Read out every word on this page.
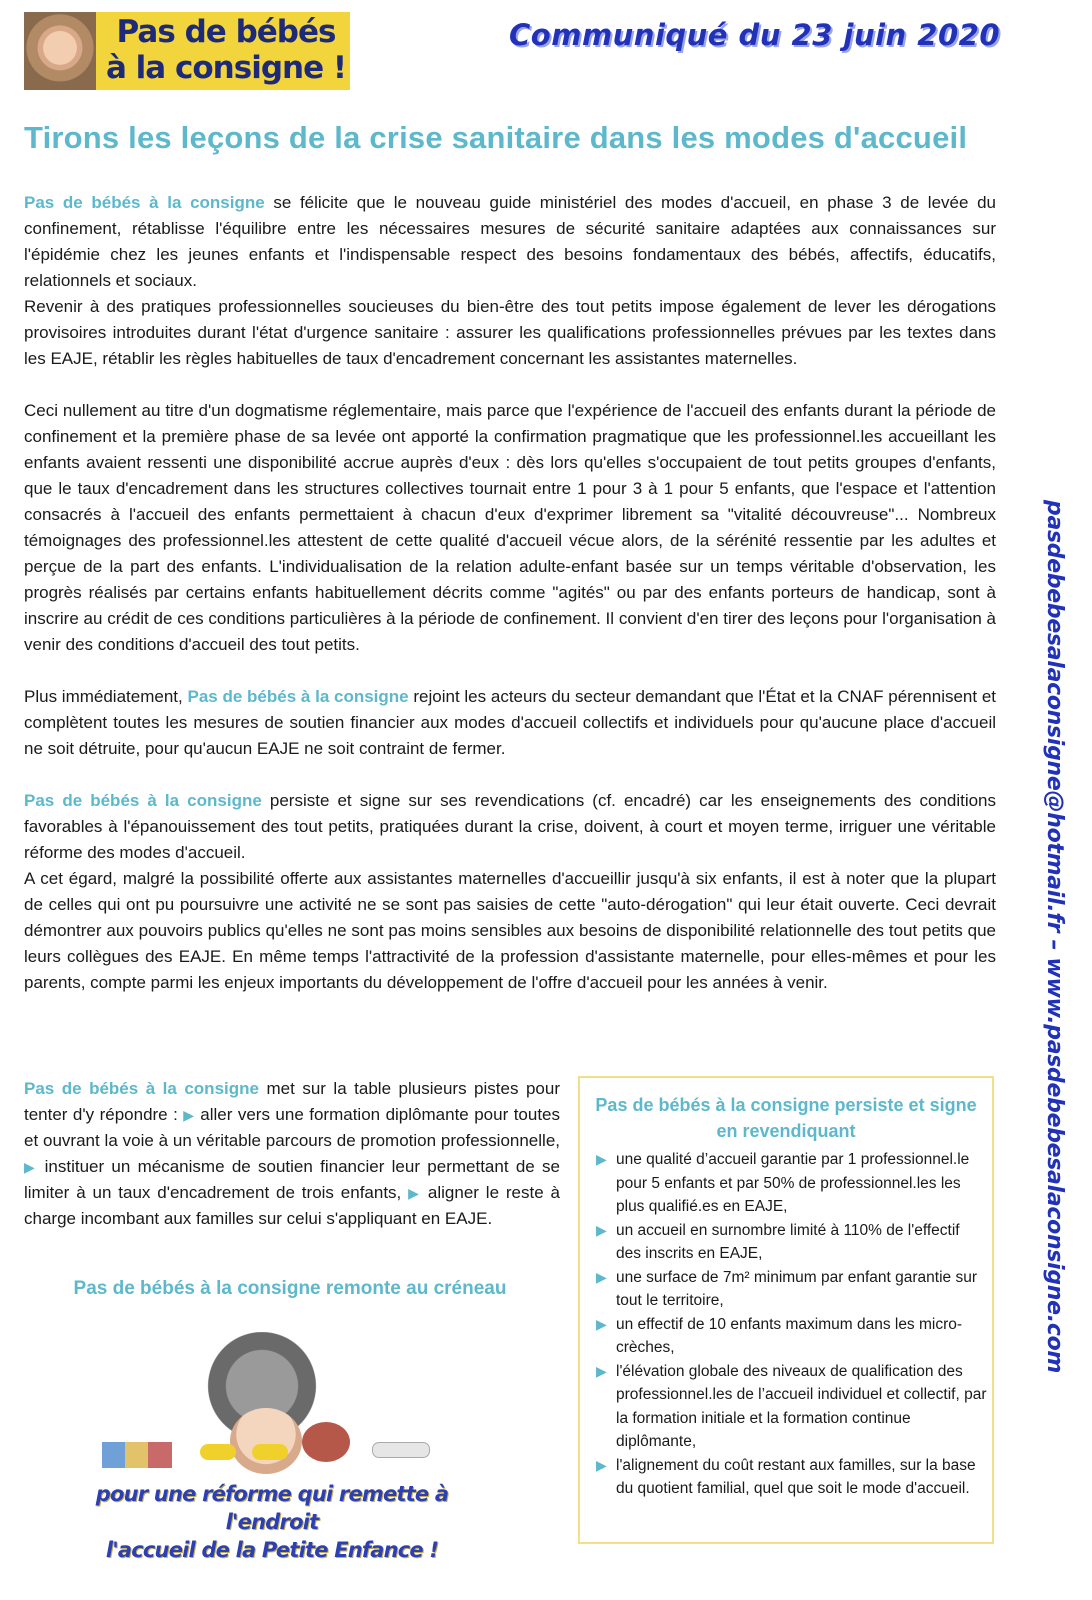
Pas de bébés
à la consigne !
Communiqué du 23 juin 2020
Tirons les leçons de la crise sanitaire dans les modes d'accueil

Pas de bébés à la consigne se félicite que le nouveau guide ministériel des modes d'accueil, en phase 3 de levée du confinement, rétablisse l'équilibre entre les nécessaires mesures de sécurité sanitaire adaptées aux connaissances sur l'épidémie chez les jeunes enfants et l'indispensable respect des besoins fondamentaux des bébés, affectifs, éducatifs, relationnels et sociaux.

Revenir à des pratiques professionnelles soucieuses du bien-être des tout petits impose également de lever les dérogations provisoires introduites durant l'état d'urgence sanitaire : assurer les qualifications professionnelles prévues par les textes dans les EAJE, rétablir les règles habituelles de taux d'encadrement concernant les assistantes maternelles.

Ceci nullement au titre d'un dogmatisme réglementaire, mais parce que l'expérience de l'accueil des enfants durant la période de confinement et la première phase de sa levée ont apporté la confirmation pragmatique que les professionnel.les accueillant les enfants avaient ressenti une disponibilité accrue auprès d'eux : dès lors qu'elles s'occupaient de tout petits groupes d'enfants, que le taux d'encadrement dans les structures collectives tournait entre 1 pour 3 à 1 pour 5 enfants, que l'espace et l'attention consacrés à l'accueil des enfants permettaient à chacun d'eux d'exprimer librement sa "vitalité découvreuse"... Nombreux témoignages des professionnel.les attestent de cette qualité d'accueil vécue alors, de la sérénité ressentie par les adultes et perçue de la part des enfants. L'individualisation de la relation adulte-enfant basée sur un temps véritable d'observation, les progrès réalisés par certains enfants habituellement décrits comme "agités" ou par des enfants porteurs de handicap, sont à inscrire au crédit de ces conditions particulières à la période de confinement. Il convient d'en tirer des leçons pour l'organisation à venir des conditions d'accueil des tout petits.

Plus immédiatement, Pas de bébés à la consigne rejoint les acteurs du secteur demandant que l'État et la CNAF pérennisent et complètent toutes les mesures de soutien financier aux modes d'accueil collectifs et individuels pour qu'aucune place d'accueil ne soit détruite, pour qu'aucun EAJE ne soit contraint de fermer.

Pas de bébés à la consigne persiste et signe sur ses revendications (cf. encadré) car les enseignements des conditions favorables à l'épanouissement des tout petits, pratiquées durant la crise, doivent, à court et moyen terme, irriguer une véritable réforme des modes d'accueil.

A cet égard, malgré la possibilité offerte aux assistantes maternelles d'accueillir jusqu'à six enfants, il est à noter que la plupart de celles qui ont pu poursuivre une activité ne se sont pas saisies de cette "auto-dérogation" qui leur était ouverte. Ceci devrait démontrer aux pouvoirs publics qu'elles ne sont pas moins sensibles aux besoins de disponibilité relationnelle des tout petits que leurs collègues des EAJE. En même temps l'attractivité de la profession d'assistante maternelle, pour elles-mêmes et pour les parents, compte parmi les enjeux importants du développement de l'offre d'accueil pour les années à venir.

Pas de bébés à la consigne met sur la table plusieurs pistes pour tenter d'y répondre : ▶ aller vers une formation diplômante pour toutes et ouvrant la voie à un véritable parcours de promotion professionnelle, ▶ instituer un mécanisme de soutien financier leur permettant de se limiter à un taux d'encadrement de trois enfants, ▶ aligner le reste à charge incombant aux familles sur celui s'appliquant en EAJE.

Pas de bébés à la consigne remonte au créneau
pour une réforme qui remette à l'endroit
l'accueil de la Petite Enfance !
Pas de bébés à la consigne persiste et signe en revendiquant
▶ une qualité d’accueil garantie par 1 professionnel.le pour 5 enfants et par 50% de professionnel.les les plus qualifié.es en EAJE,
▶ un accueil en surnombre limité à 110% de l'effectif des inscrits en EAJE,
▶ une surface de 7m² minimum par enfant garantie sur tout le territoire,
▶ un effectif de 10 enfants maximum dans les micro-crèches,
▶ l'élévation globale des niveaux de qualification des professionnel.les de l’accueil individuel et collectif, par la formation initiale et la formation continue diplômante,
▶ l'alignement du coût restant aux familles, sur la base du quotient familial, quel que soit le mode d'accueil.
pasdebebesalaconsigne@hotmail.fr – www.pasdebebesalaconsigne.com
